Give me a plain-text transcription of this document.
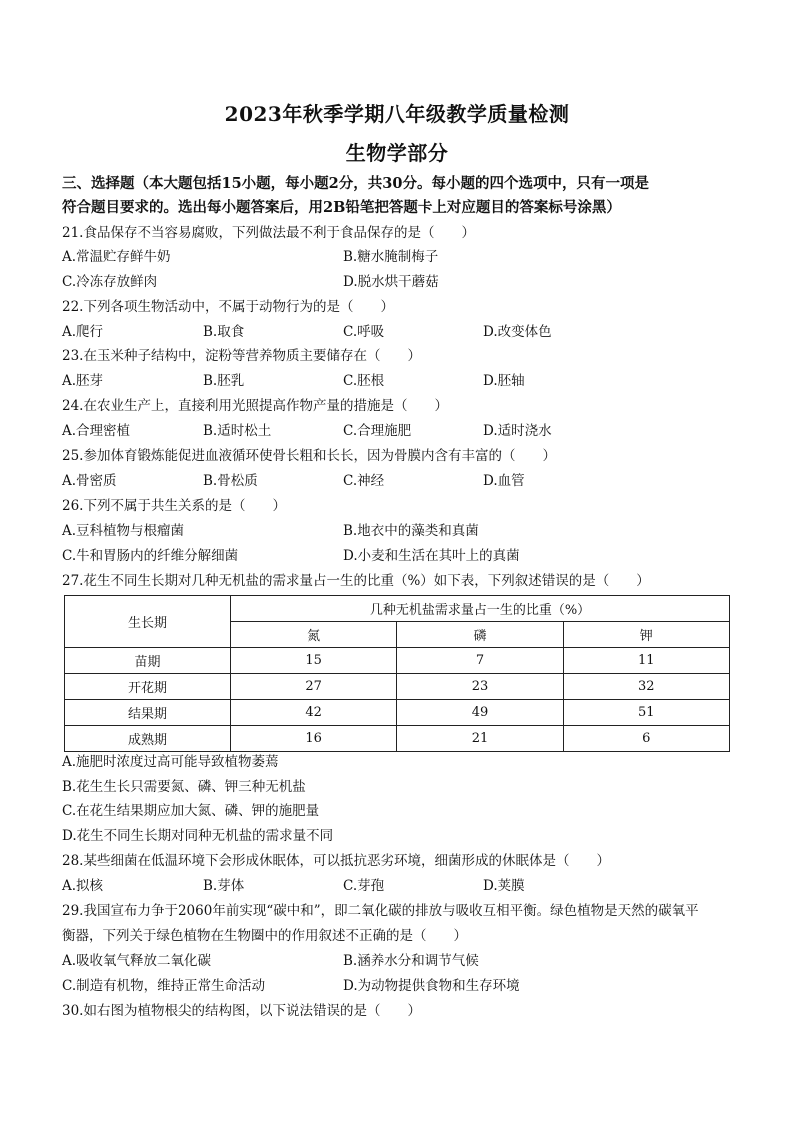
2023年秋季学期八年级教学质量检测
生物学部分
三、选择题（本大题包括15小题，每小题2分，共30分。每小题的四个选项中，只有一项是
符合题目要求的。选出每小题答案后，用2B铅笔把答题卡上对应题目的答案标号涂黑）
21.食品保存不当容易腐败，下列做法最不利于食品保存的是（　　）
A.常温贮存鲜牛奶	B.糖水腌制梅子
C.冷冻存放鲜肉	D.脱水烘干蘑菇
22.下列各项生物活动中，不属于动物行为的是（　　）
A.爬行	B.取食	C.呼吸	D.改变体色
23.在玉米种子结构中，淀粉等营养物质主要储存在（　　）
A.胚芽	B.胚乳	C.胚根	D.胚轴
24.在农业生产上，直接利用光照提高作物产量的措施是（　　）
A.合理密植	B.适时松土	C.合理施肥	D.适时浇水
25.参加体育锻炼能促进血液循环使骨长粗和长长，因为骨膜内含有丰富的（　　）
A.骨密质	B.骨松质	C.神经	D.血管
26.下列不属于共生关系的是（　　）
A.豆科植物与根瘤菌	B.地衣中的藻类和真菌
C.牛和胃肠内的纤维分解细菌	D.小麦和生活在其叶上的真菌
27.花生不同生长期对几种无机盐的需求量占一生的比重（%）如下表，下列叙述错误的是（　　）
生长期	几种无机盐需求量占一生的比重（%）		
	氮	磷	钾
苗期	15	7	11
开花期	27	23	32
结果期	42	49	51
成熟期	16	21	6
A.施肥时浓度过高可能导致植物萎蔫
B.花生生长只需要氮、磷、钾三种无机盐
C.在花生结果期应加大氮、磷、钾的施肥量
D.花生不同生长期对同种无机盐的需求量不同
28.某些细菌在低温环境下会形成休眠体，可以抵抗恶劣环境，细菌形成的休眠体是（　　）
A.拟核	B.芽体	C.芽孢	D.荚膜
29.我国宣布力争于2060年前实现“碳中和”，即二氧化碳的排放与吸收互相平衡。绿色植物是天然的碳氧平
衡器，下列关于绿色植物在生物圈中的作用叙述不正确的是（　　）
A.吸收氧气释放二氧化碳	B.涵养水分和调节气候
C.制造有机物，维持正常生命活动	D.为动物提供食物和生存环境
30.如右图为植物根尖的结构图，以下说法错误的是（　　）
